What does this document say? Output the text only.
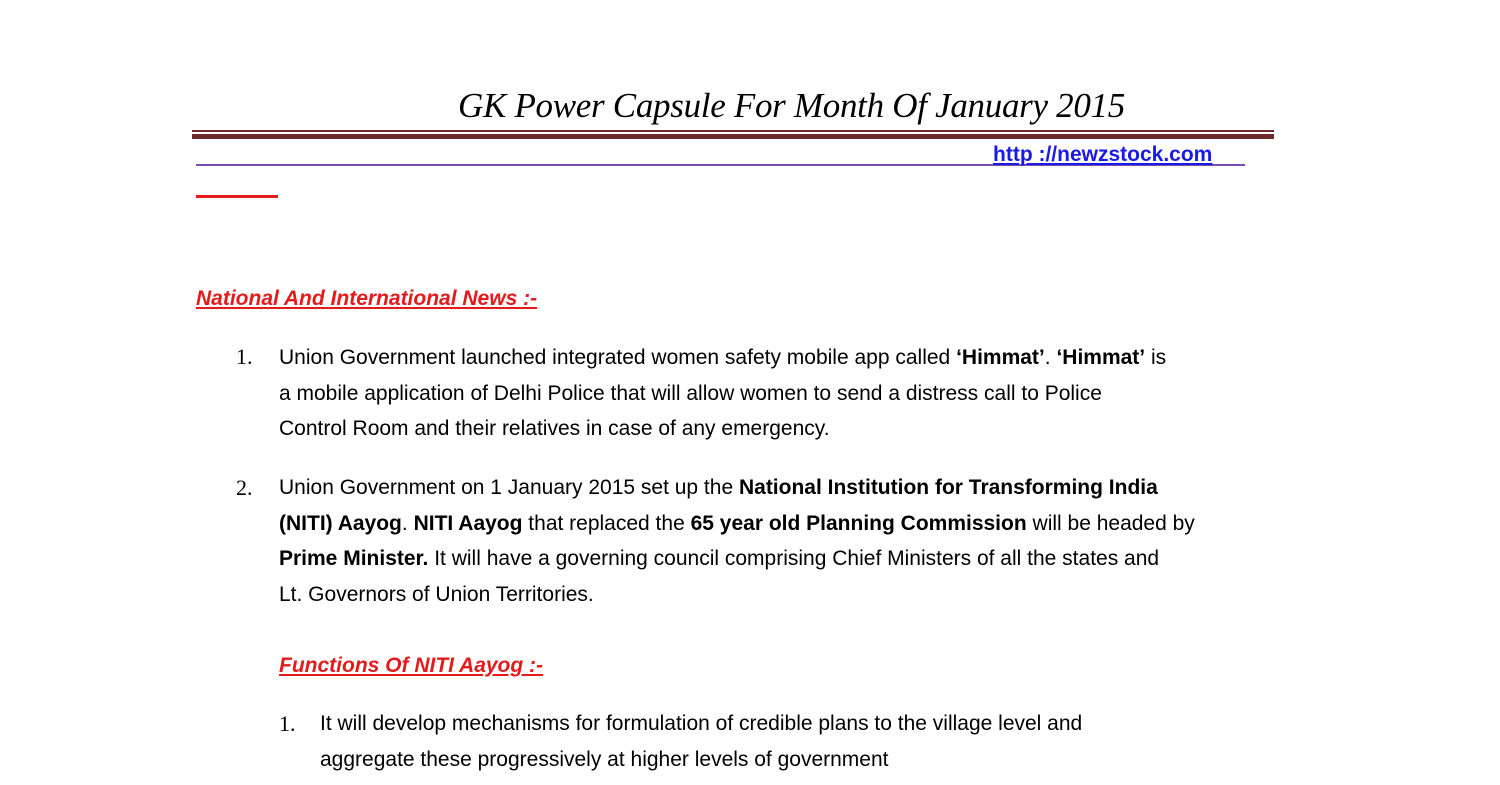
GK Power Capsule For Month Of January 2015
http ://newzstock.com
National And International News :-
1. Union Government launched integrated women safety mobile app called ‘Himmat’. ‘Himmat’ is
a mobile application of Delhi Police that will allow women to send a distress call to Police
Control Room and their relatives in case of any emergency.
2. Union Government on 1 January 2015 set up the National Institution for Transforming India
(NITI) Aayog. NITI Aayog that replaced the 65 year old Planning Commission will be headed by
Prime Minister. It will have a governing council comprising Chief Ministers of all the states and
Lt. Governors of Union Territories.
Functions Of NITI Aayog :-
1. It will develop mechanisms for formulation of credible plans to the village level and
aggregate these progressively at higher levels of government
